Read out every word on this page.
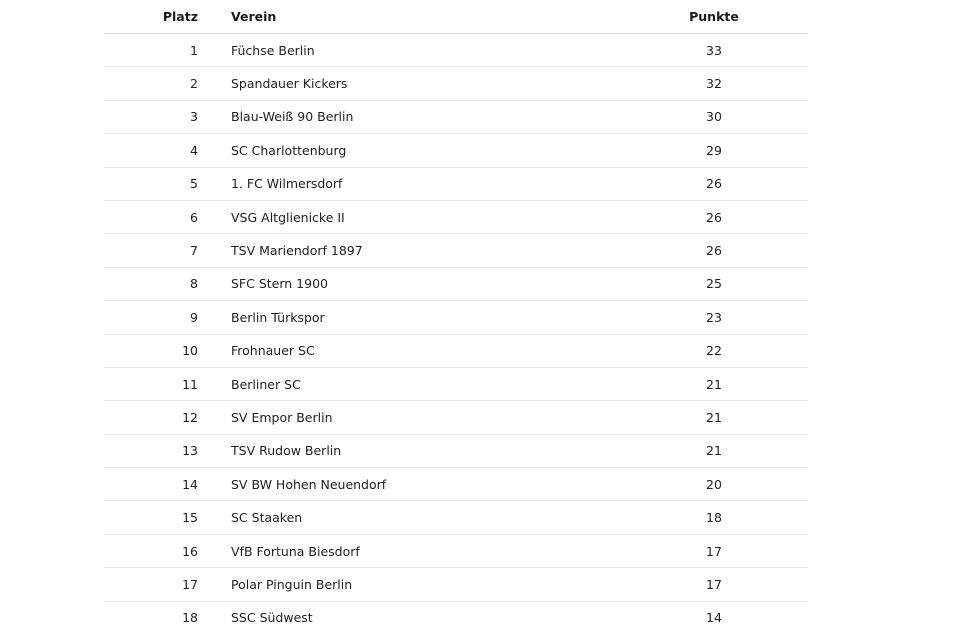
Platz		Verein	Punkte
1		Füchse Berlin	33
2		Spandauer Kickers	32
3		Blau-Weiß 90 Berlin	30
4		SC Charlottenburg	29
5		1. FC Wilmersdorf	26
6		VSG Altglienicke II	26
7		TSV Mariendorf 1897	26
8		SFC Stern 1900	25
9		Berlin Türkspor	23
10		Frohnauer SC	22
11		Berliner SC	21
12		SV Empor Berlin	21
13		TSV Rudow Berlin	21
14		SV BW Hohen Neuendorf	20
15		SC Staaken	18
16		VfB Fortuna Biesdorf	17
17		Polar Pinguin Berlin	17
18		SSC Südwest	14
